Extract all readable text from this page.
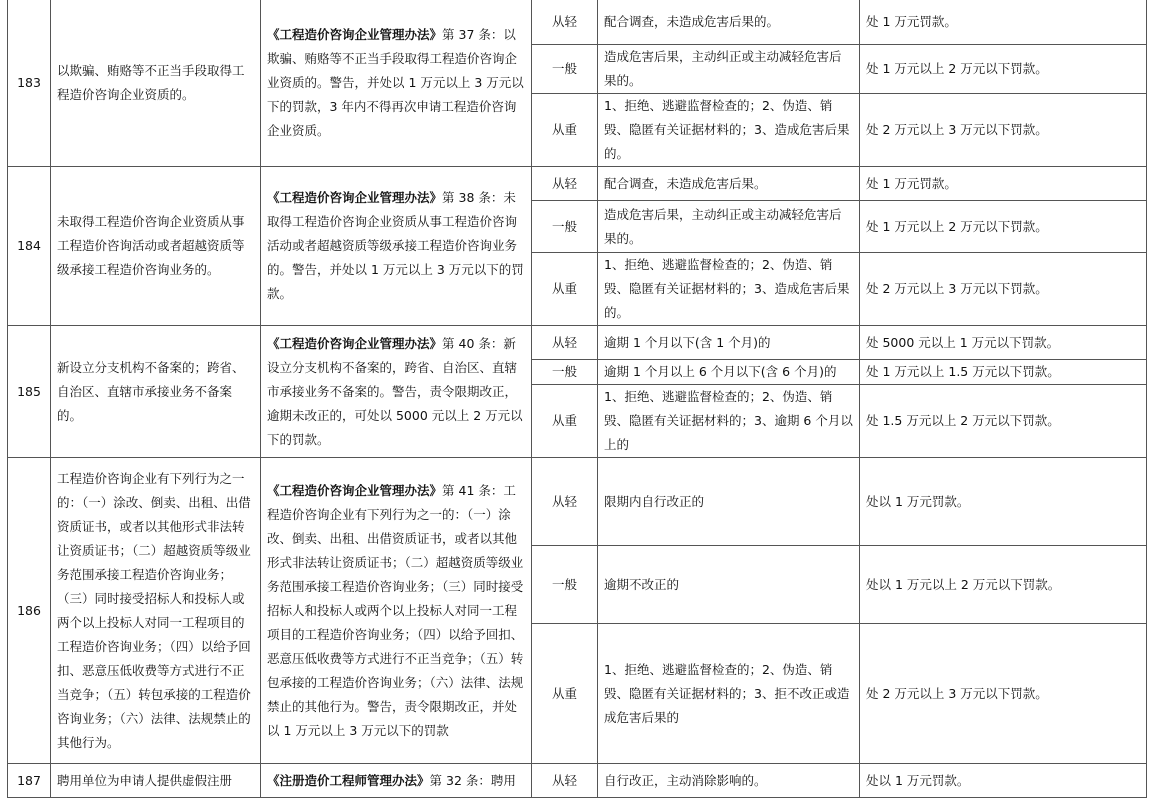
183	以欺骗、贿赂等不正当手段取得工程造价咨询企业资质的。	《工程造价咨询企业管理办法》第 37 条：以欺骗、贿赂等不正当手段取得工程造价咨询企业资质的。警告，并处以 1 万元以上 3 万元以下的罚款，3 年内不得再次申请工程造价咨询企业资质。	从轻	配合调查，未造成危害后果的。	处 1 万元罚款。
			一般	造成危害后果，主动纠正或主动减轻危害后果的。	处 1 万元以上 2 万元以下罚款。
			从重	1、拒绝、逃避监督检查的；2、伪造、销毁、隐匿有关证据材料的；3、造成危害后果的。	处 2 万元以上 3 万元以下罚款。
184	未取得工程造价咨询企业资质从事工程造价咨询活动或者超越资质等级承接工程造价咨询业务的。	《工程造价咨询企业管理办法》第 38 条：未取得工程造价咨询企业资质从事工程造价咨询活动或者超越资质等级承接工程造价咨询业务的。警告，并处以 1 万元以上 3 万元以下的罚款。	从轻	配合调查，未造成危害后果。	处 1 万元罚款。
			一般	造成危害后果，主动纠正或主动减轻危害后果的。	处 1 万元以上 2 万元以下罚款。
			从重	1、拒绝、逃避监督检查的；2、伪造、销毁、隐匿有关证据材料的；3、造成危害后果的。	处 2 万元以上 3 万元以下罚款。
185	新设立分支机构不备案的；跨省、自治区、直辖市承接业务不备案的。	《工程造价咨询企业管理办法》第 40 条：新设立分支机构不备案的，跨省、自治区、直辖市承接业务不备案的。警告，责令限期改正，逾期未改正的，可处以 5000 元以上 2 万元以下的罚款。	从轻	逾期 1 个月以下(含 1 个月)的	处 5000 元以上 1 万元以下罚款。
			一般	逾期 1 个月以上 6 个月以下(含 6 个月)的	处 1 万元以上 1.5 万元以下罚款。
			从重	1、拒绝、逃避监督检查的；2、伪造、销毁、隐匿有关证据材料的；3、逾期 6 个月以上的	处 1.5 万元以上 2 万元以下罚款。
186	工程造价咨询企业有下列行为之一的：（一）涂改、倒卖、出租、出借资质证书，或者以其他形式非法转让资质证书；（二）超越资质等级业务范围承接工程造价咨询业务；（三）同时接受招标人和投标人或两个以上投标人对同一工程项目的工程造价咨询业务；（四）以给予回扣、恶意压低收费等方式进行不正当竞争；（五）转包承接的工程造价咨询业务；（六）法律、法规禁止的其他行为。	《工程造价咨询企业管理办法》第 41 条：工程造价咨询企业有下列行为之一的：（一）涂改、倒卖、出租、出借资质证书，或者以其他形式非法转让资质证书；（二）超越资质等级业务范围承接工程造价咨询业务；（三）同时接受招标人和投标人或两个以上投标人对同一工程项目的工程造价咨询业务；（四）以给予回扣、恶意压低收费等方式进行不正当竞争；（五）转包承接的工程造价咨询业务；（六）法律、法规禁止的其他行为。警告，责令限期改正，并处以 1 万元以上 3 万元以下的罚款	从轻	限期内自行改正的	处以 1 万元罚款。
			一般	逾期不改正的	处以 1 万元以上 2 万元以下罚款。
			从重	1、拒绝、逃避监督检查的；2、伪造、销毁、隐匿有关证据材料的；3、拒不改正或造成危害后果的	处 2 万元以上 3 万元以下罚款。
187	聘用单位为申请人提供虚假注册	《注册造价工程师管理办法》第 32 条：聘用	从轻	自行改正，主动消除影响的。	处以 1 万元罚款。
